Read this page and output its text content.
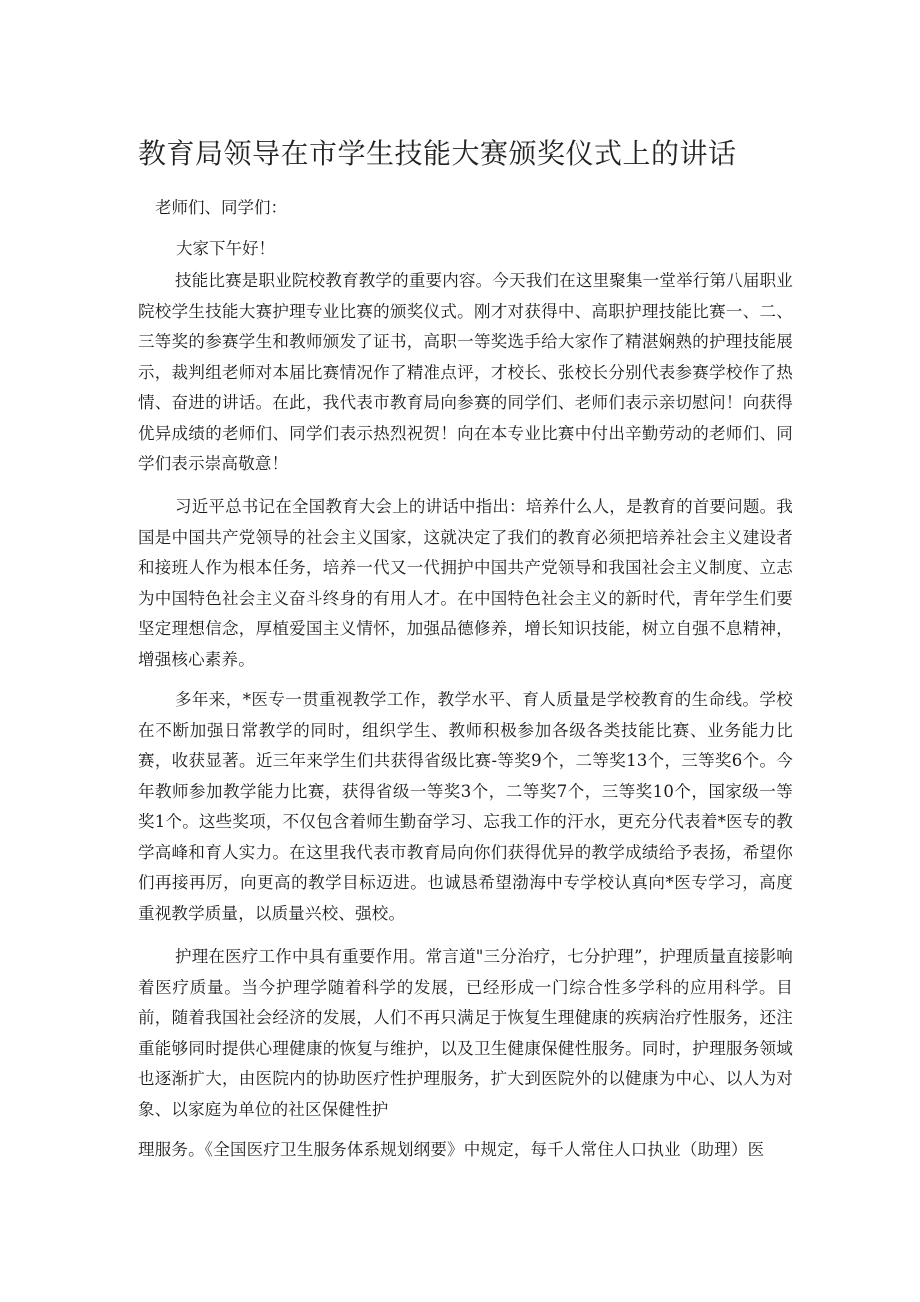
教育局领导在市学生技能大赛颁奖仪式上的讲话
老师们、同学们：
大家下午好！

技能比赛是职业院校教育教学的重要内容。今天我们在这里聚集一堂举行第八届职业院校学生技能大赛护理专业比赛的颁奖仪式。刚才对获得中、高职护理技能比赛一、二、三等奖的参赛学生和教师颁发了证书，高职一等奖选手给大家作了精湛娴熟的护理技能展示，裁判组老师对本届比赛情况作了精准点评，才校长、张校长分别代表参赛学校作了热情、奋进的讲话。在此，我代表市教育局向参赛的同学们、老师们表示亲切慰问！向获得优异成绩的老师们、同学们表示热烈祝贺！向在本专业比赛中付出辛勤劳动的老师们、同学们表示崇高敬意！

习近平总书记在全国教育大会上的讲话中指出：培养什么人，是教育的首要问题。我国是中国共产党领导的社会主义国家，这就决定了我们的教育必须把培养社会主义建设者和接班人作为根本任务，培养一代又一代拥护中国共产党领导和我国社会主义制度、立志为中国特色社会主义奋斗终身的有用人才。在中国特色社会主义的新时代，青年学生们要坚定理想信念，厚植爱国主义情怀，加强品德修养，增长知识技能，树立自强不息精神，增强核心素养。

多年来，*医专一贯重视教学工作，教学水平、育人质量是学校教育的生命线。学校在不断加强日常教学的同时，组织学生、教师积极参加各级各类技能比赛、业务能力比赛，收获显著。近三年来学生们共获得省级比赛-等奖9个，二等奖13个，三等奖6个。今年教师参加教学能力比赛，获得省级一等奖3个，二等奖7个，三等奖10个，国家级一等奖1个。这些奖项，不仅包含着师生勤奋学习、忘我工作的汗水，更充分代表着*医专的教学高峰和育人实力。在这里我代表市教育局向你们获得优异的教学成绩给予表扬，希望你们再接再厉，向更高的教学目标迈进。也诚恳希望渤海中专学校认真向*医专学习，高度重视教学质量，以质量兴校、强校。

护理在医疗工作中具有重要作用。常言道"三分治疗，七分护理”，护理质量直接影响着医疗质量。当今护理学随着科学的发展，已经形成一门综合性多学科的应用科学。目前，随着我国社会经济的发展，人们不再只满足于恢复生理健康的疾病治疗性服务，还注重能够同时提供心理健康的恢复与维护，以及卫生健康保健性服务。同时，护理服务领域也逐渐扩大，由医院内的协助医疗性护理服务，扩大到医院外的以健康为中心、以人为对象、以家庭为单位的社区保健性护

理服务。《全国医疗卫生服务体系规划纲要》中规定，每千人常住人口执业（助理）医
